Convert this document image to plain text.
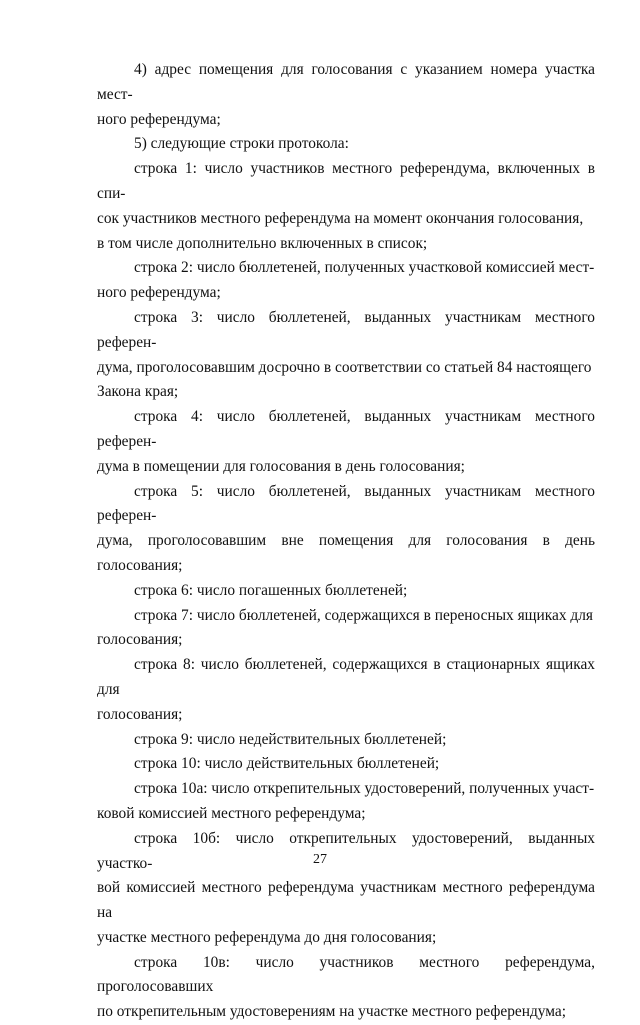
4) адрес помещения для голосования с указанием номера участка мест-
ного референдума;

5) следующие строки протокола:

строка 1: число участников местного референдума, включенных в спи-
сок участников местного референдума на момент окончания голосования,
в том числе дополнительно включенных в список;

строка 2: число бюллетеней, полученных участковой комиссией мест-
ного референдума;

строка 3: число бюллетеней, выданных участникам местного референ-
дума, проголосовавшим досрочно в соответствии со статьей 84 настоящего
Закона края;

строка 4: число бюллетеней, выданных участникам местного референ-
дума в помещении для голосования в день голосования;

строка 5: число бюллетеней, выданных участникам местного референ-
дума, проголосовавшим вне помещения для голосования в день голосования;

строка 6: число погашенных бюллетеней;

строка 7: число бюллетеней, содержащихся в переносных ящиках для
голосования;

строка 8: число бюллетеней, содержащихся в стационарных ящиках для
голосования;

строка 9: число недействительных бюллетеней;

строка 10: число действительных бюллетеней;

строка 10а: число открепительных удостоверений, полученных участ-
ковой комиссией местного референдума;

строка 10б: число открепительных удостоверений, выданных участко-
вой комиссией местного референдума участникам местного референдума на
участке местного референдума до дня голосования;

строка 10в: число участников местного референдума, проголосовавших
по открепительным удостоверениям на участке местного референдума;

27
